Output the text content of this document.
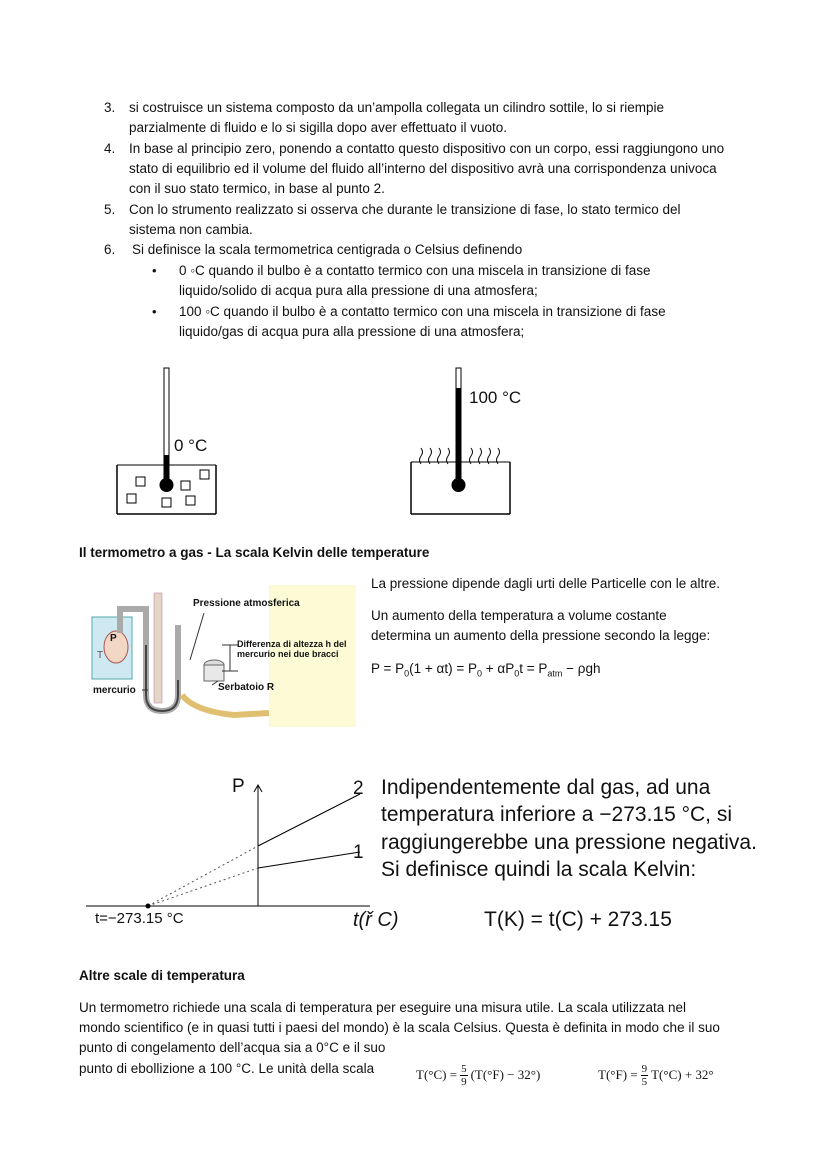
3. si costruisce un sistema composto da un’ampolla collegata un cilindro sottile, lo si riempie
parzialmente di fluido e lo si sigilla dopo aver effettuato il vuoto.
4. In base al principio zero, ponendo a contatto questo dispositivo con un corpo, essi raggiungono uno
stato di equilibrio ed il volume del fluido all’interno del dispositivo avrà una corrispondenza univoca
con il suo stato termico, in base al punto 2.
5. Con lo strumento realizzato si osserva che durante le transizione di fase, lo stato termico del
sistema non cambia.
6. Si definisce la scala termometrica centigrada o Celsius definendo
• 0 ◦C quando il bulbo è a contatto termico con una miscela in transizione di fase
liquido/solido di acqua pura alla pressione di una atmosfera;
• 100 ◦C quando il bulbo è a contatto termico con una miscela in transizione di fase
liquido/gas di acqua pura alla pressione di una atmosfera;
0 °C
100 °C
Il termometro a gas - La scala Kelvin delle temperature
Pressione atmosferica
Differenza di altezza h del
mercurio nei due bracci
Serbatoio R
mercurio
P
T
La pressione dipende dagli urti delle Particelle con le altre.
Un aumento della temperatura a volume costante
determina un aumento della pressione secondo la legge:
$P = P_0(1 + \alpha t) = P_0 + \alpha P_0t = P_{atm} - \rho gh$
P
t(ř C)
t=−273.15 °C
2
1
Indipendentemente dal gas, ad una
temperatura inferiore a −273.15 °C, si
raggiungerebbe una pressione negativa.
Si definisce quindi la scala Kelvin:
T(K) = t(C) + 273.15
Altre scale di temperatura
Un termometro richiede una scala di temperatura per eseguire una misura utile. La scala utilizzata nel
mondo scientifico (e in quasi tutti i paesi del mondo) è la scala Celsius. Questa è definita in modo che il suo
punto di congelamento dell’acqua sia a 0°C e il suo
punto di ebollizione a 100 °C. Le unità della scala	$T(^\circ C) = \frac{5}{9} (T(^\circ F) - 32^\circ)$	$T(^\circ F) = \frac{9}{5} T(^\circ C) + 32^\circ$
